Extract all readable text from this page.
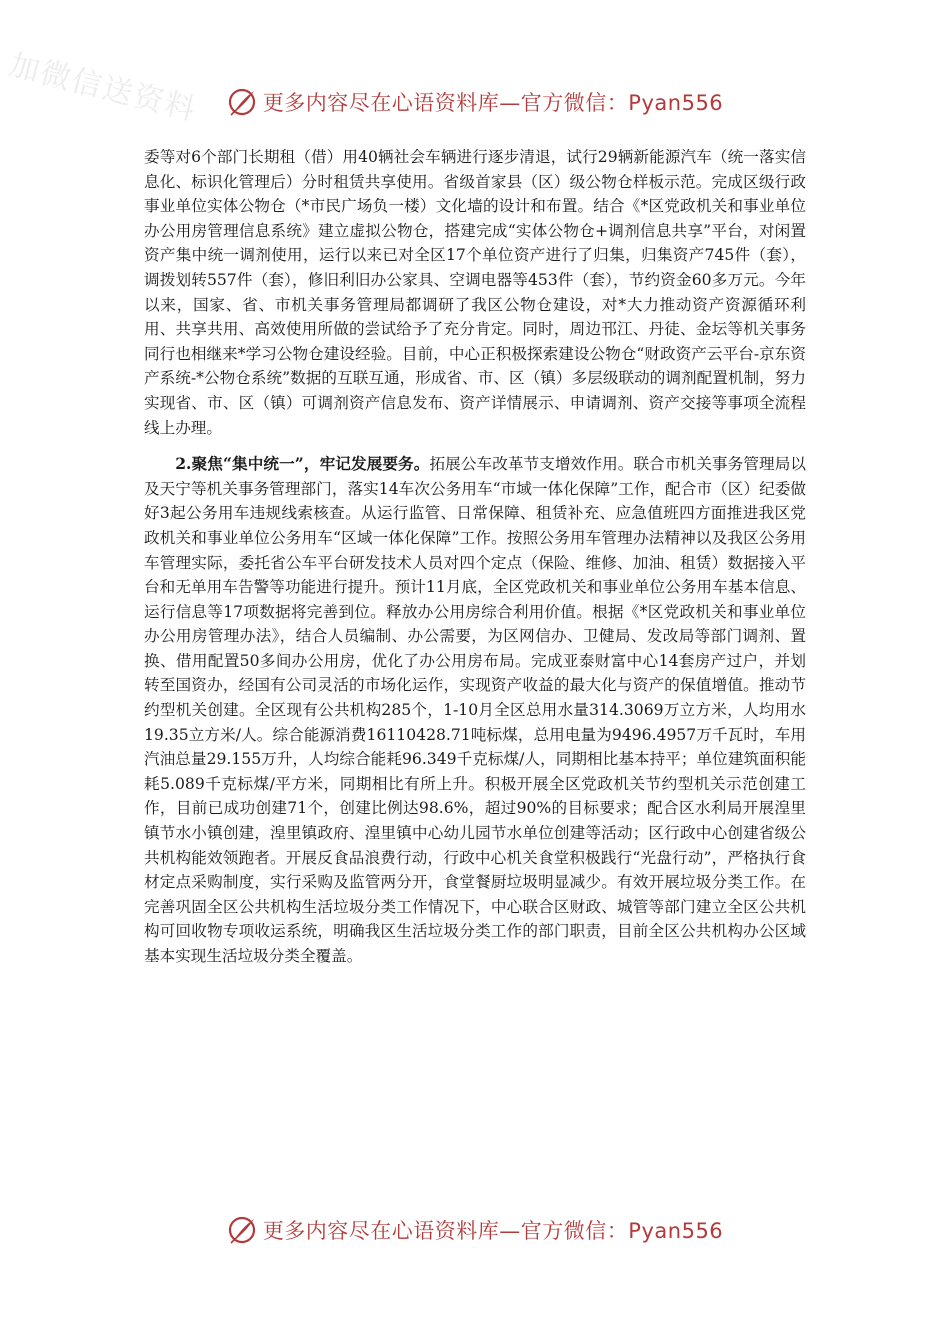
加微信送资料	更多内容尽在心语资料库—官方微信：Pyan556

委等对6个部门长期租（借）用40辆社会车辆进行逐步清退，试行29辆新能源汽车（统一落实信息化、标识化管理后）分时租赁共享使用。省级首家县（区）级公物仓样板示范。完成区级行政事业单位实体公物仓（*市民广场负一楼）文化墙的设计和布置。结合《*区党政机关和事业单位办公用房管理信息系统》建立虚拟公物仓，搭建完成“实体公物仓+调剂信息共享”平台，对闲置资产集中统一调剂使用，运行以来已对全区17个单位资产进行了归集，归集资产745件（套），调拨划转557件（套），修旧利旧办公家具、空调电器等453件（套），节约资金60多万元。今年以来，国家、省、市机关事务管理局都调研了我区公物仓建设，对*大力推动资产资源循环利用、共享共用、高效使用所做的尝试给予了充分肯定。同时，周边邗江、丹徒、金坛等机关事务同行也相继来*学习公物仓建设经验。目前，中心正积极探索建设公物仓“财政资产云平台-京东资产系统-*公物仓系统”数据的互联互通，形成省、市、区（镇）多层级联动的调剂配置机制，努力实现省、市、区（镇）可调剂资产信息发布、资产详情展示、申请调剂、资产交接等事项全流程线上办理。

2.聚焦“集中统一”，牢记发展要务。拓展公车改革节支增效作用。联合市机关事务管理局以及天宁等机关事务管理部门，落实14车次公务用车“市域一体化保障”工作，配合市（区）纪委做好3起公务用车违规线索核查。从运行监管、日常保障、租赁补充、应急值班四方面推进我区党政机关和事业单位公务用车“区域一体化保障”工作。按照公务用车管理办法精神以及我区公务用车管理实际，委托省公车平台研发技术人员对四个定点（保险、维修、加油、租赁）数据接入平台和无单用车告警等功能进行提升。预计11月底，全区党政机关和事业单位公务用车基本信息、运行信息等17项数据将完善到位。释放办公用房综合利用价值。根据《*区党政机关和事业单位办公用房管理办法》，结合人员编制、办公需要，为区网信办、卫健局、发改局等部门调剂、置换、借用配置50多间办公用房，优化了办公用房布局。完成亚泰财富中心14套房产过户，并划转至国资办，经国有公司灵活的市场化运作，实现资产收益的最大化与资产的保值增值。推动节约型机关创建。全区现有公共机构285个，1-10月全区总用水量314.3069万立方米，人均用水19.35立方米/人。综合能源消费16110428.71吨标煤，总用电量为9496.4957万千瓦时，车用汽油总量29.155万升，人均综合能耗96.349千克标煤/人，同期相比基本持平；单位建筑面积能耗5.089千克标煤/平方米，同期相比有所上升。积极开展全区党政机关节约型机关示范创建工作，目前已成功创建71个，创建比例达98.6%，超过90%的目标要求；配合区水利局开展湟里镇节水小镇创建，湟里镇政府、湟里镇中心幼儿园节水单位创建等活动；区行政中心创建省级公共机构能效领跑者。开展反食品浪费行动，行政中心机关食堂积极践行“光盘行动”，严格执行食材定点采购制度，实行采购及监管两分开，食堂餐厨垃圾明显减少。有效开展垃圾分类工作。在完善巩固全区公共机构生活垃圾分类工作情况下，中心联合区财政、城管等部门建立全区公共机构可回收物专项收运系统，明确我区生活垃圾分类工作的部门职责，目前全区公共机构办公区域基本实现生活垃圾分类全覆盖。

更多内容尽在心语资料库—官方微信：Pyan556
